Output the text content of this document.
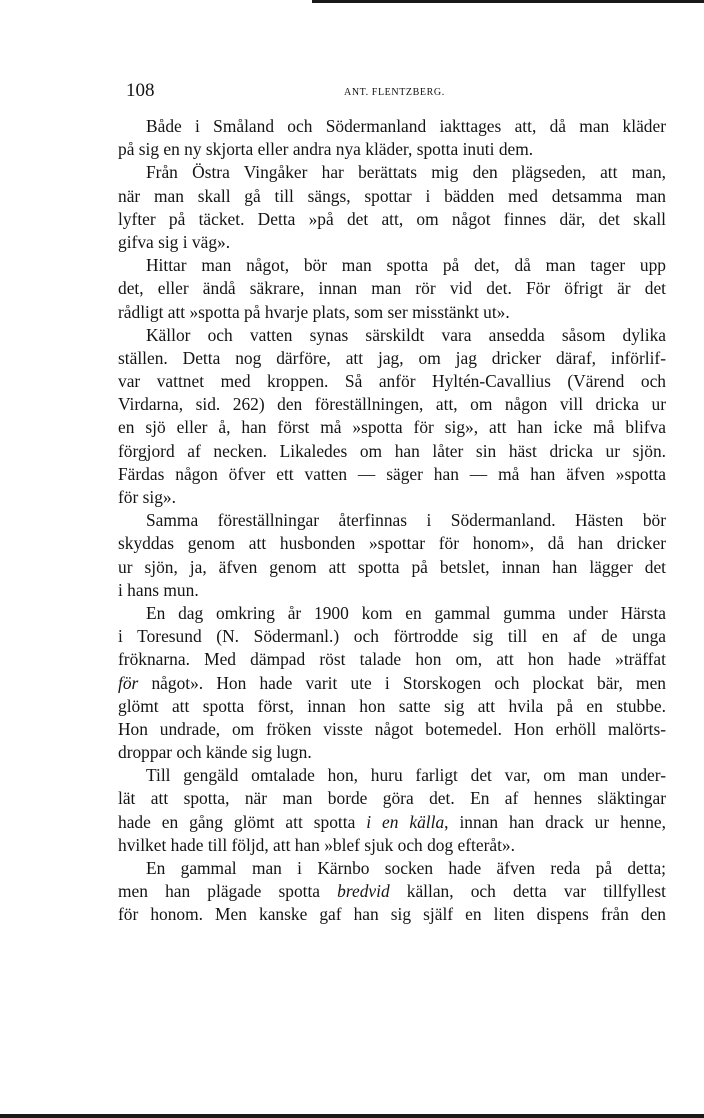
108	ANT. FLENTZBERG.
Både i Småland och Södermanland iakttages att, då man kläder
på sig en ny skjorta eller andra nya kläder, spotta inuti dem.
Från Östra Vingåker har berättats mig den plägseden, att man,
när man skall gå till sängs, spottar i bädden med detsamma man
lyfter på täcket. Detta »på det att, om något finnes där, det skall
gifva sig i väg».
Hittar man något, bör man spotta på det, då man tager upp
det, eller ändå säkrare, innan man rör vid det. För öfrigt är det
rådligt att »spotta på hvarje plats, som ser misstänkt ut».
Källor och vatten synas särskildt vara ansedda såsom dylika
ställen. Detta nog därföre, att jag, om jag dricker däraf, införlif-
var vattnet med kroppen. Så anför Hyltén-Cavallius (Värend och
Virdarna, sid. 262) den föreställningen, att, om någon vill dricka ur
en sjö eller å, han först må »spotta för sig», att han icke må blifva
förgjord af necken. Likaledes om han låter sin häst dricka ur sjön.
Färdas någon öfver ett vatten — säger han — må han äfven »spotta
för sig».
Samma föreställningar återfinnas i Södermanland. Hästen bör
skyddas genom att husbonden »spottar för honom», då han dricker
ur sjön, ja, äfven genom att spotta på betslet, innan han lägger det
i hans mun.
En dag omkring år 1900 kom en gammal gumma under Härsta
i Toresund (N. Södermanl.) och förtrodde sig till en af de unga
fröknarna. Med dämpad röst talade hon om, att hon hade »träffat
för något». Hon hade varit ute i Storskogen och plockat bär, men
glömt att spotta först, innan hon satte sig att hvila på en stubbe.
Hon undrade, om fröken visste något botemedel. Hon erhöll malörts-
droppar och kände sig lugn.
Till gengäld omtalade hon, huru farligt det var, om man under-
lät att spotta, när man borde göra det. En af hennes släktingar
hade en gång glömt att spotta i en källa, innan han drack ur henne,
hvilket hade till följd, att han »blef sjuk och dog efteråt».
En gammal man i Kärnbo socken hade äfven reda på detta;
men han plägade spotta bredvid källan, och detta var tillfyllest
för honom. Men kanske gaf han sig själf en liten dispens från den
